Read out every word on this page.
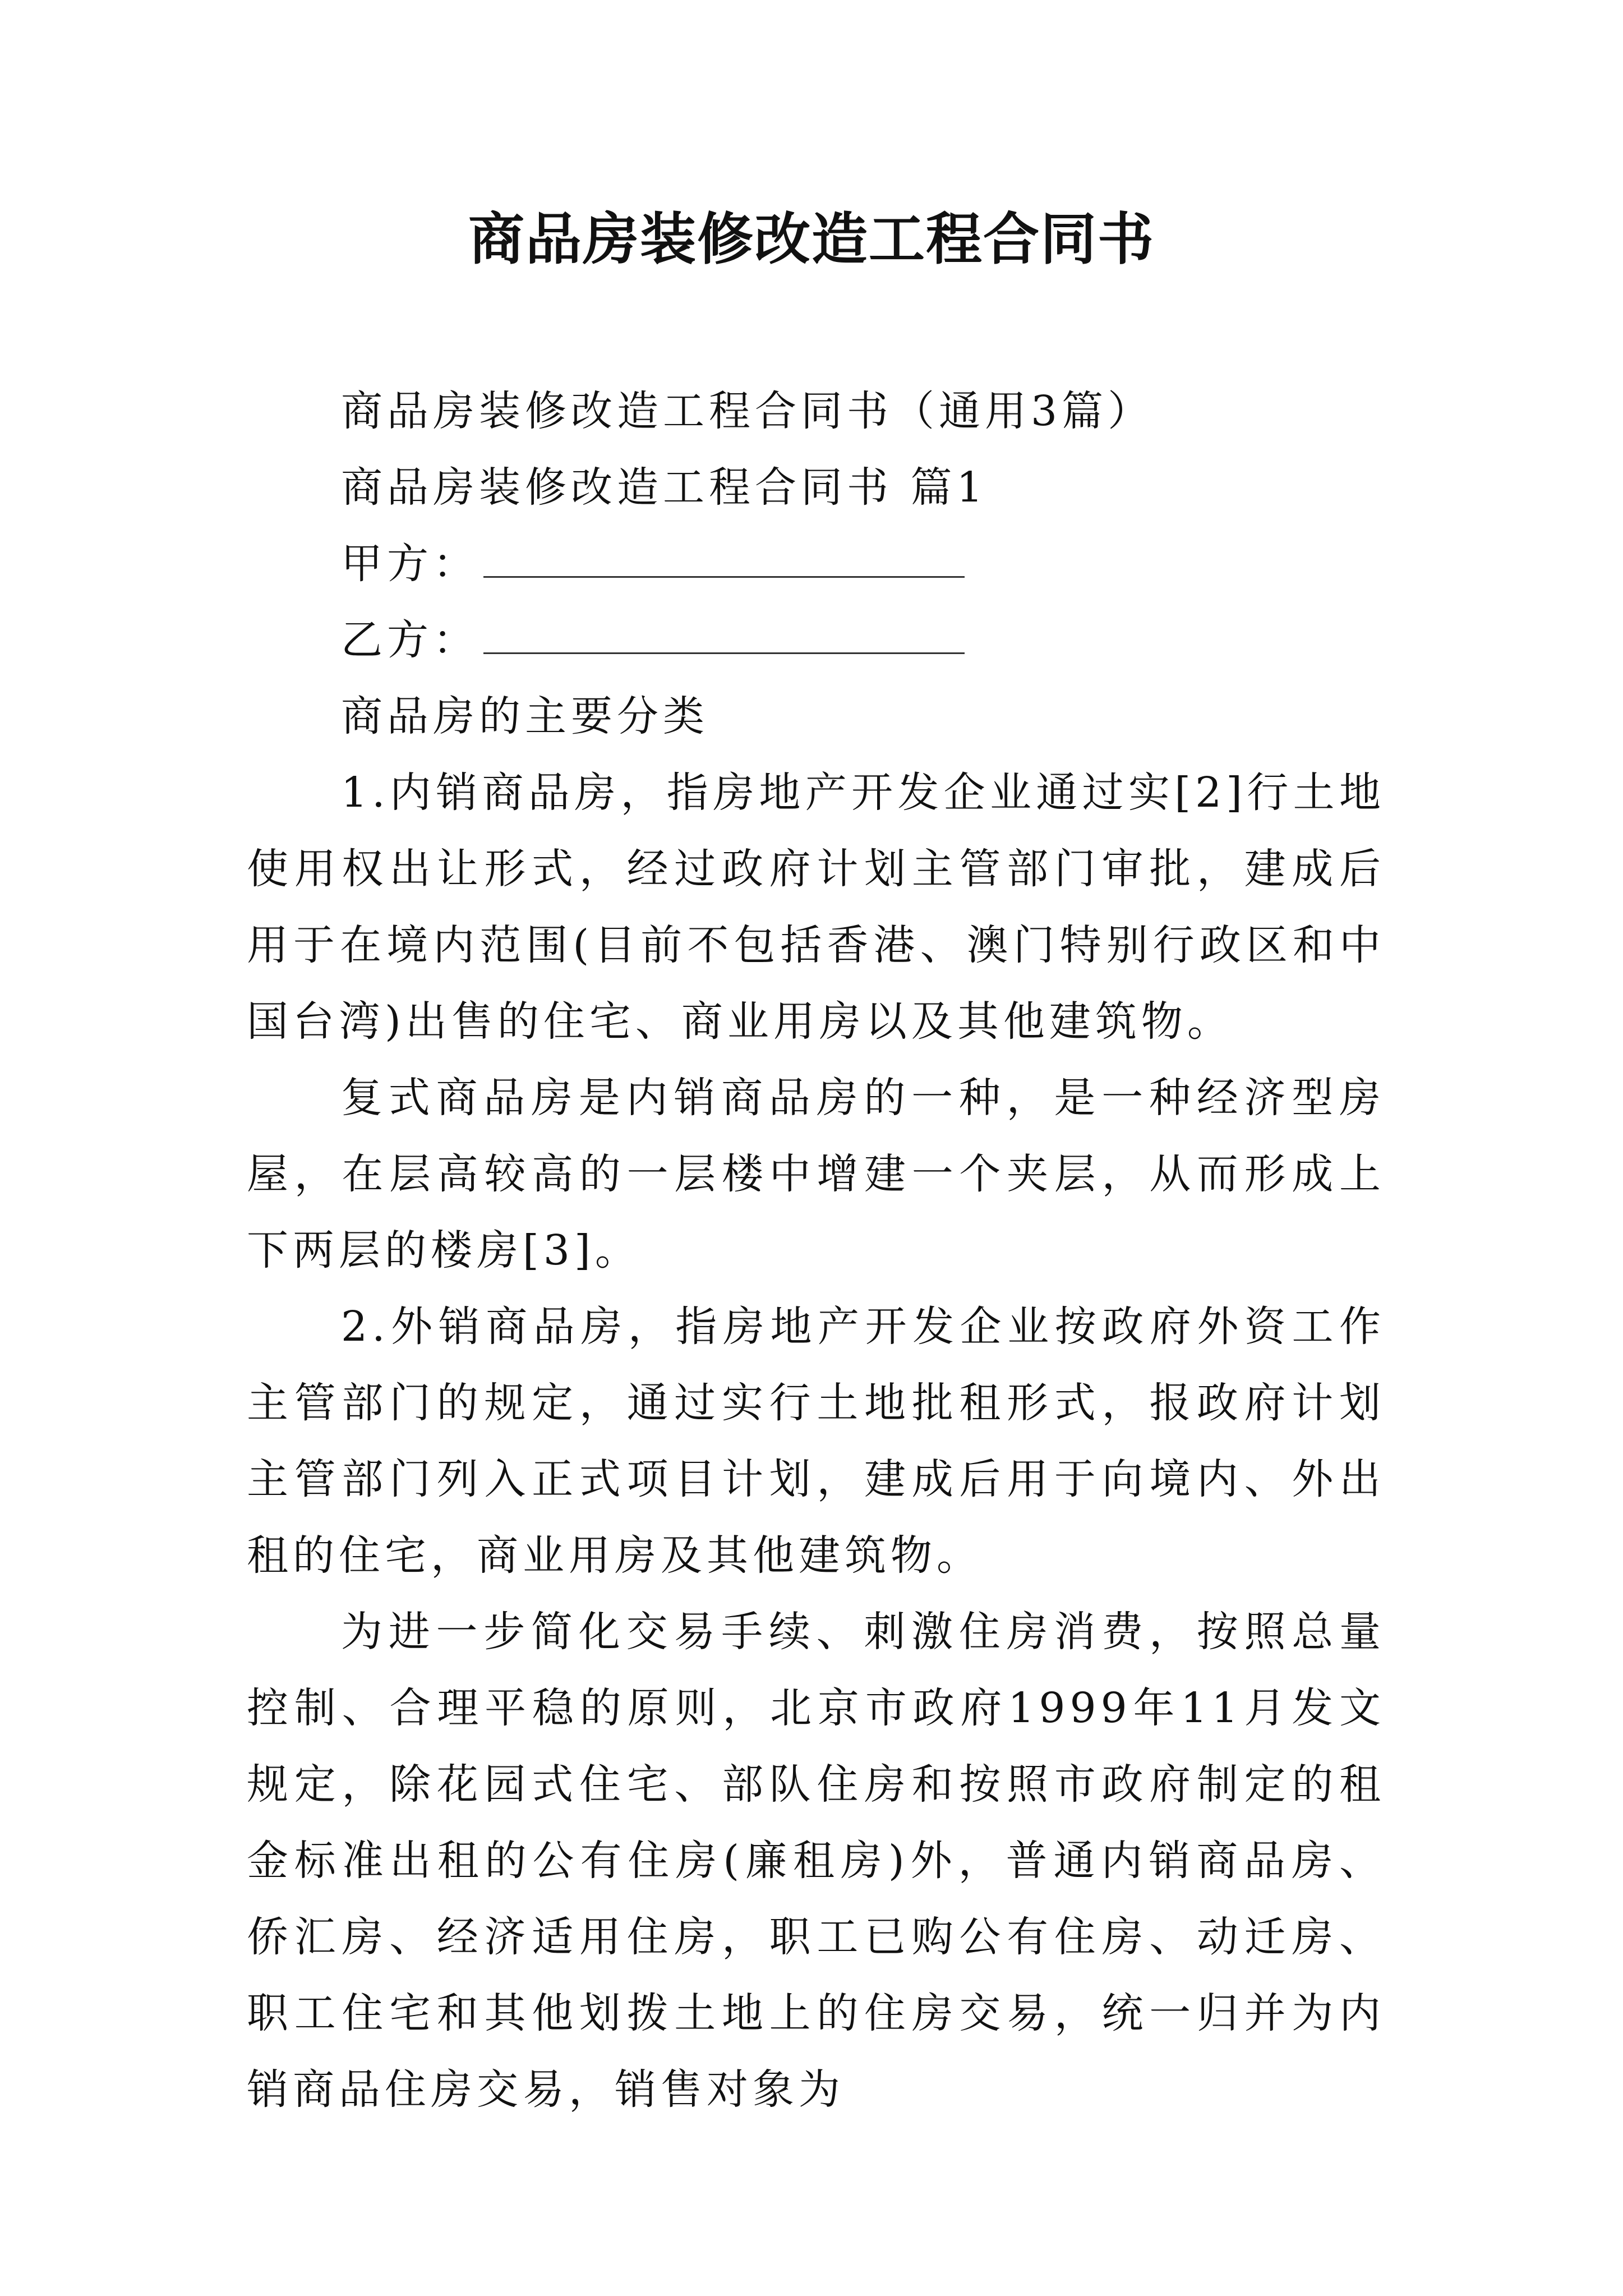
商品房装修改造工程合同书
商品房装修改造工程合同书（通用3篇）
商品房装修改造工程合同书 篇1
甲方：
乙方：
商品房的主要分类

1.内销商品房，指房地产开发企业通过实[2]行土地使用权出让形式，经过政府计划主管部门审批，建成后用于在境内范围(目前不包括香港、澳门特别行政区和中国台湾)出售的住宅、商业用房以及其他建筑物。

复式商品房是内销商品房的一种，是一种经济型房屋，在层高较高的一层楼中增建一个夹层，从而形成上下两层的楼房[3]。

2.外销商品房，指房地产开发企业按政府外资工作主管部门的规定，通过实行土地批租形式，报政府计划主管部门列入正式项目计划，建成后用于向境内、外出租的住宅，商业用房及其他建筑物。

为进一步简化交易手续、刺激住房消费，按照总量控制、合理平稳的原则，北京市政府1999年11月发文规定，除花园式住宅、部队住房和按照市政府制定的租金标准出租的公有住房(廉租房)外，普通内销商品房、侨汇房、经济适用住房，职工已购公有住房、动迁房、职工住宅和其他划拨土地上的住房交易，统一归并为内销商品住房交易，销售对象为
